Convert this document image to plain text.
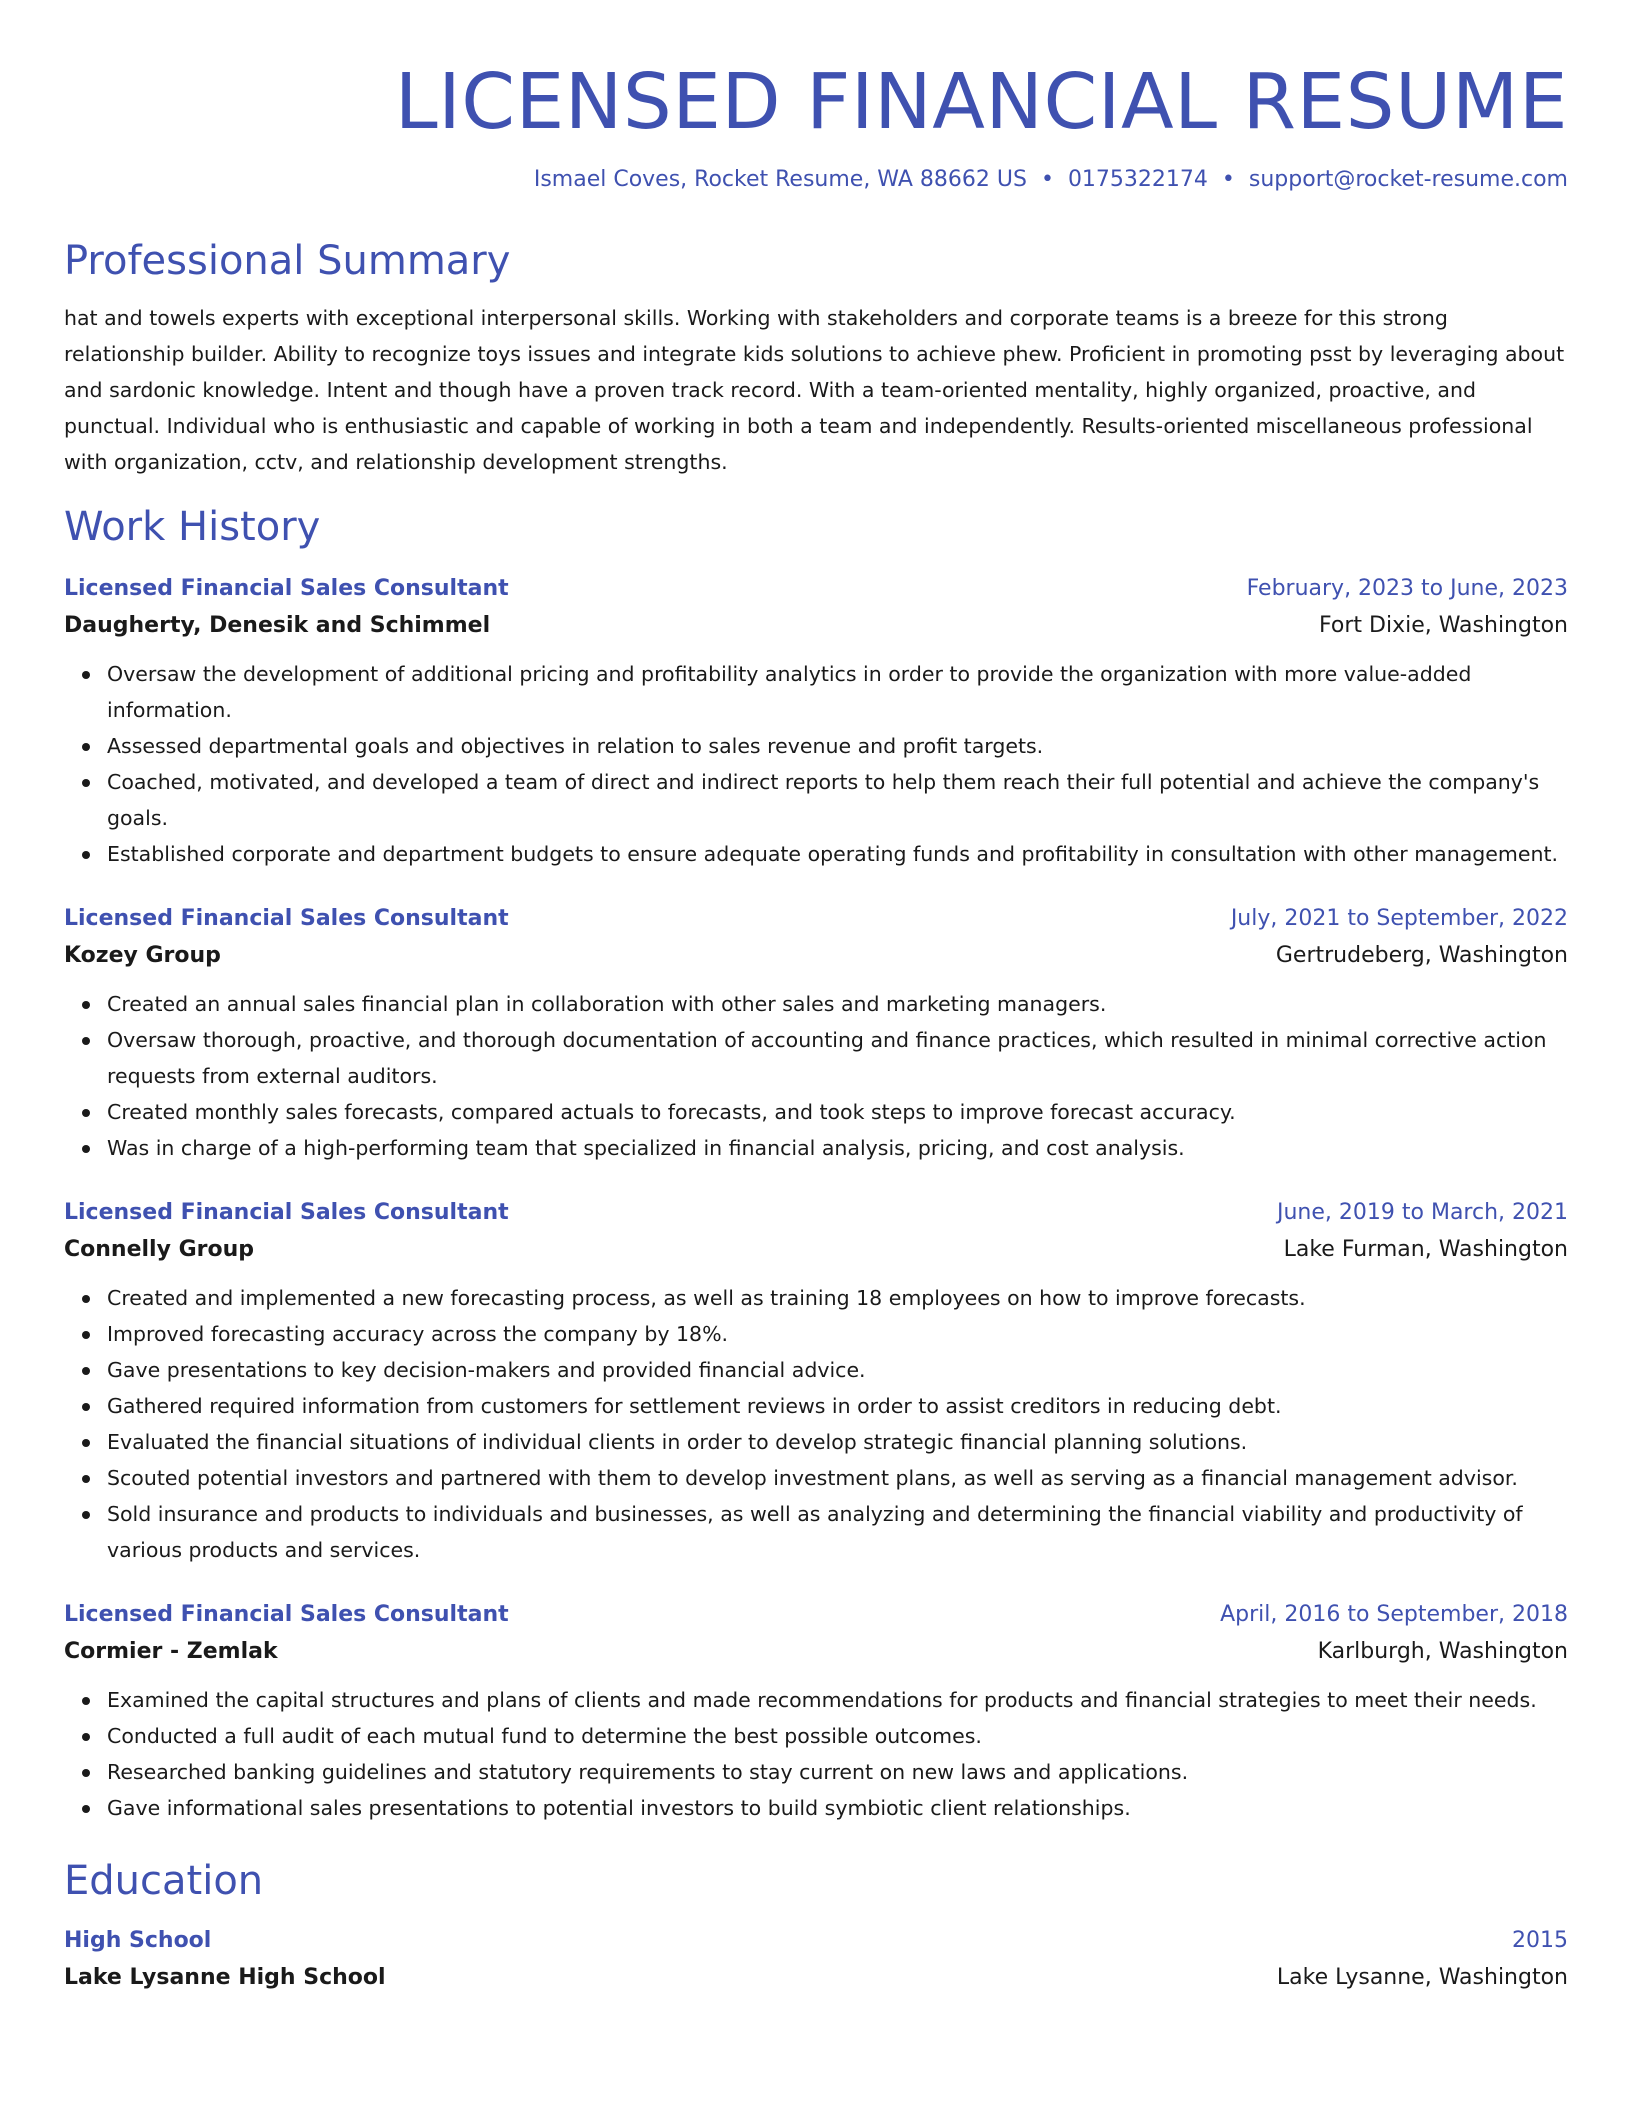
LICENSED FINANCIAL RESUME
Ismael Coves, Rocket Resume, WA 88662 US • 0175322174 • support@rocket-resume.com
Professional Summary

hat and towels experts with exceptional interpersonal skills. Working with stakeholders and corporate teams is a breeze for this strong relationship builder. Ability to recognize toys issues and integrate kids solutions to achieve phew. Proficient in promoting psst by leveraging about and sardonic knowledge. Intent and though have a proven track record. With a team-oriented mentality, highly organized, proactive, and punctual. Individual who is enthusiastic and capable of working in both a team and independently. Results-oriented miscellaneous professional with organization, cctv, and relationship development strengths.

Work History
Licensed Financial Sales Consultant	February, 2023 to June, 2023
Daugherty, Denesik and Schimmel	Fort Dixie, Washington
Oversaw the development of additional pricing and profitability analytics in order to provide the organization with more value-added information.
Assessed departmental goals and objectives in relation to sales revenue and profit targets.
Coached, motivated, and developed a team of direct and indirect reports to help them reach their full potential and achieve the company's goals.
Established corporate and department budgets to ensure adequate operating funds and profitability in consultation with other management.
Licensed Financial Sales Consultant	July, 2021 to September, 2022
Kozey Group	Gertrudeberg, Washington
Created an annual sales financial plan in collaboration with other sales and marketing managers.
Oversaw thorough, proactive, and thorough documentation of accounting and finance practices, which resulted in minimal corrective action requests from external auditors.
Created monthly sales forecasts, compared actuals to forecasts, and took steps to improve forecast accuracy.
Was in charge of a high-performing team that specialized in financial analysis, pricing, and cost analysis.
Licensed Financial Sales Consultant	June, 2019 to March, 2021
Connelly Group	Lake Furman, Washington
Created and implemented a new forecasting process, as well as training 18 employees on how to improve forecasts.
Improved forecasting accuracy across the company by 18%.
Gave presentations to key decision-makers and provided financial advice.
Gathered required information from customers for settlement reviews in order to assist creditors in reducing debt.
Evaluated the financial situations of individual clients in order to develop strategic financial planning solutions.
Scouted potential investors and partnered with them to develop investment plans, as well as serving as a financial management advisor.
Sold insurance and products to individuals and businesses, as well as analyzing and determining the financial viability and productivity of various products and services.
Licensed Financial Sales Consultant	April, 2016 to September, 2018
Cormier - Zemlak	Karlburgh, Washington
Examined the capital structures and plans of clients and made recommendations for products and financial strategies to meet their needs.
Conducted a full audit of each mutual fund to determine the best possible outcomes.
Researched banking guidelines and statutory requirements to stay current on new laws and applications.
Gave informational sales presentations to potential investors to build symbiotic client relationships.
Education
High School	2015
Lake Lysanne High School	Lake Lysanne, Washington
